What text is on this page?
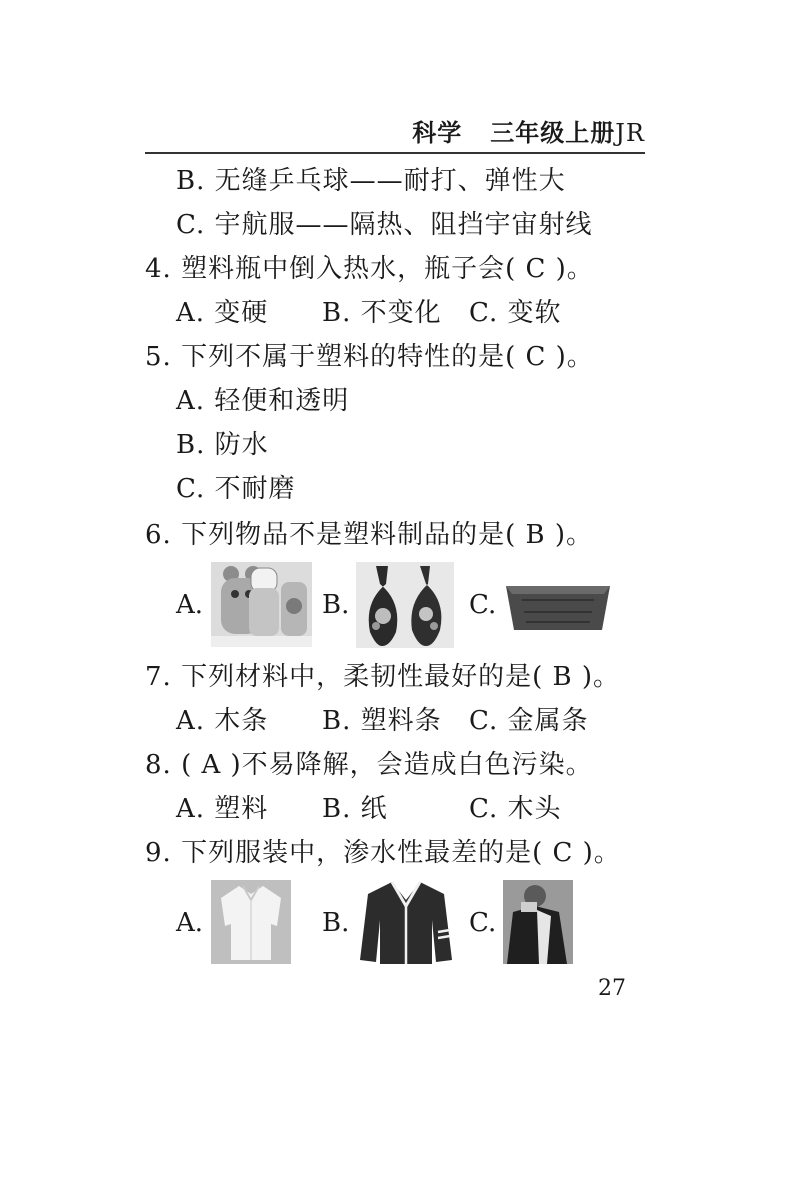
科学 三年级上册JR
B. 无缝乒乓球——耐打、弹性大
C. 宇航服——隔热、阻挡宇宙射线
4. 塑料瓶中倒入热水，瓶子会( C )。
A. 变硬 B. 不变化 C. 变软
5. 下列不属于塑料的特性的是( C )。
A. 轻便和透明
B. 防水
C. 不耐磨
6. 下列物品不是塑料制品的是( B )。
A.	B.	C.
7. 下列材料中，柔韧性最好的是( B )。
A. 木条 B. 塑料条 C. 金属条
8. ( A )不易降解，会造成白色污染。
A. 塑料 B. 纸	C. 木头
9. 下列服装中，渗水性最差的是( C )。
A.	B.	C.
27
